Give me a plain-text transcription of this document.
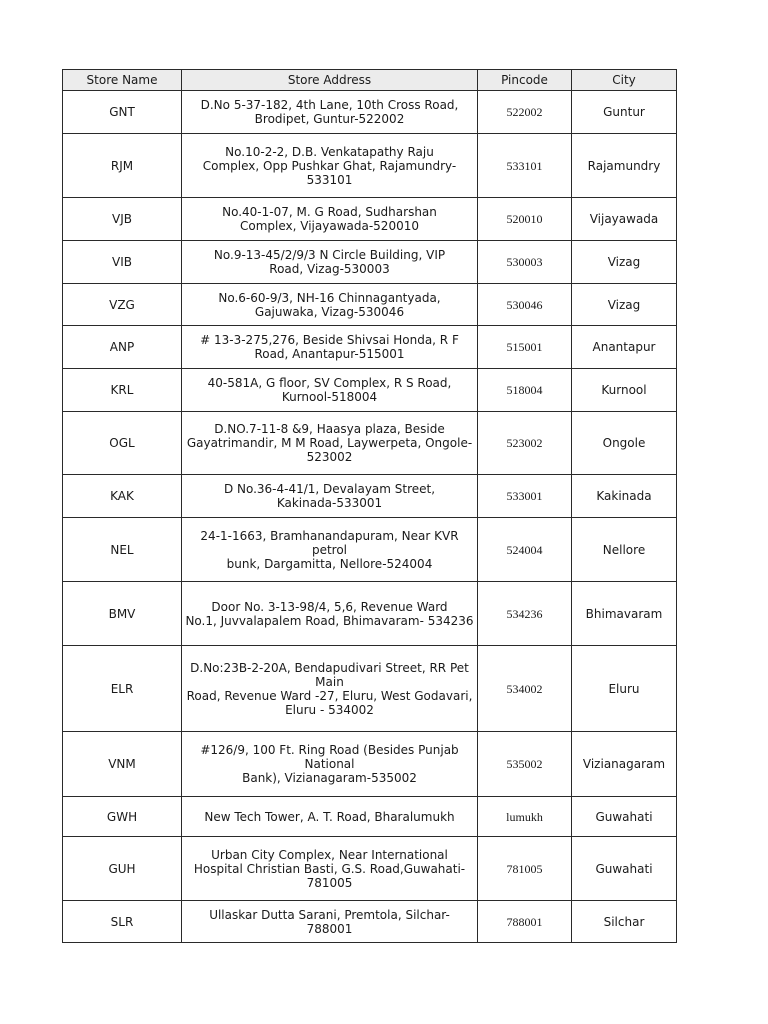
Store Name	Store Address	Pincode	City
GNT	D.No 5-37-182, 4th Lane, 10th Cross Road,
Brodipet, Guntur-522002	522002	Guntur
RJM	No.10-2-2, D.B. Venkatapathy Raju
Complex, Opp Pushkar Ghat, Rajamundry- 533101	533101	Rajamundry
VJB	No.40-1-07, M. G Road, Sudharshan
Complex, Vijayawada-520010	520010	Vijayawada
VIB	No.9-13-45/2/9/3 N Circle Building, VIP
Road, Vizag-530003	530003	Vizag
VZG	No.6-60-9/3, NH-16 Chinnagantyada,
Gajuwaka, Vizag-530046	530046	Vizag
ANP	# 13-3-275,276, Beside Shivsai Honda, R F
Road, Anantapur-515001	515001	Anantapur
KRL	40-581A, G floor, SV Complex, R S Road,
Kurnool-518004	518004	Kurnool
OGL	D.NO.7-11-8 &9, Haasya plaza, Beside
Gayatrimandir, M M Road, Laywerpeta, Ongole-
523002	523002	Ongole
KAK	D No.36-4-41/1, Devalayam Street,
Kakinada-533001	533001	Kakinada
NEL	24-1-1663, Bramhanandapuram, Near KVR petrol
bunk, Dargamitta, Nellore-524004	524004	Nellore
BMV	Door No. 3-13-98/4, 5,6, Revenue Ward
No.1, Juvvalapalem Road, Bhimavaram- 534236	534236	Bhimavaram
ELR	D.No:23B-2-20A, Bendapudivari Street, RR Pet Main
Road, Revenue Ward -27, Eluru, West Godavari,
Eluru - 534002	534002	Eluru
VNM	#126/9, 100 Ft. Ring Road (Besides Punjab National
Bank), Vizianagaram-535002	535002	Vizianagaram
GWH	New Tech Tower, A. T. Road, Bharalumukh	lumukh	Guwahati
GUH	Urban City Complex, Near International
Hospital Christian Basti, G.S. Road,Guwahati-
781005	781005	Guwahati
SLR	Ullaskar Dutta Sarani, Premtola, Silchar-
788001	788001	Silchar
